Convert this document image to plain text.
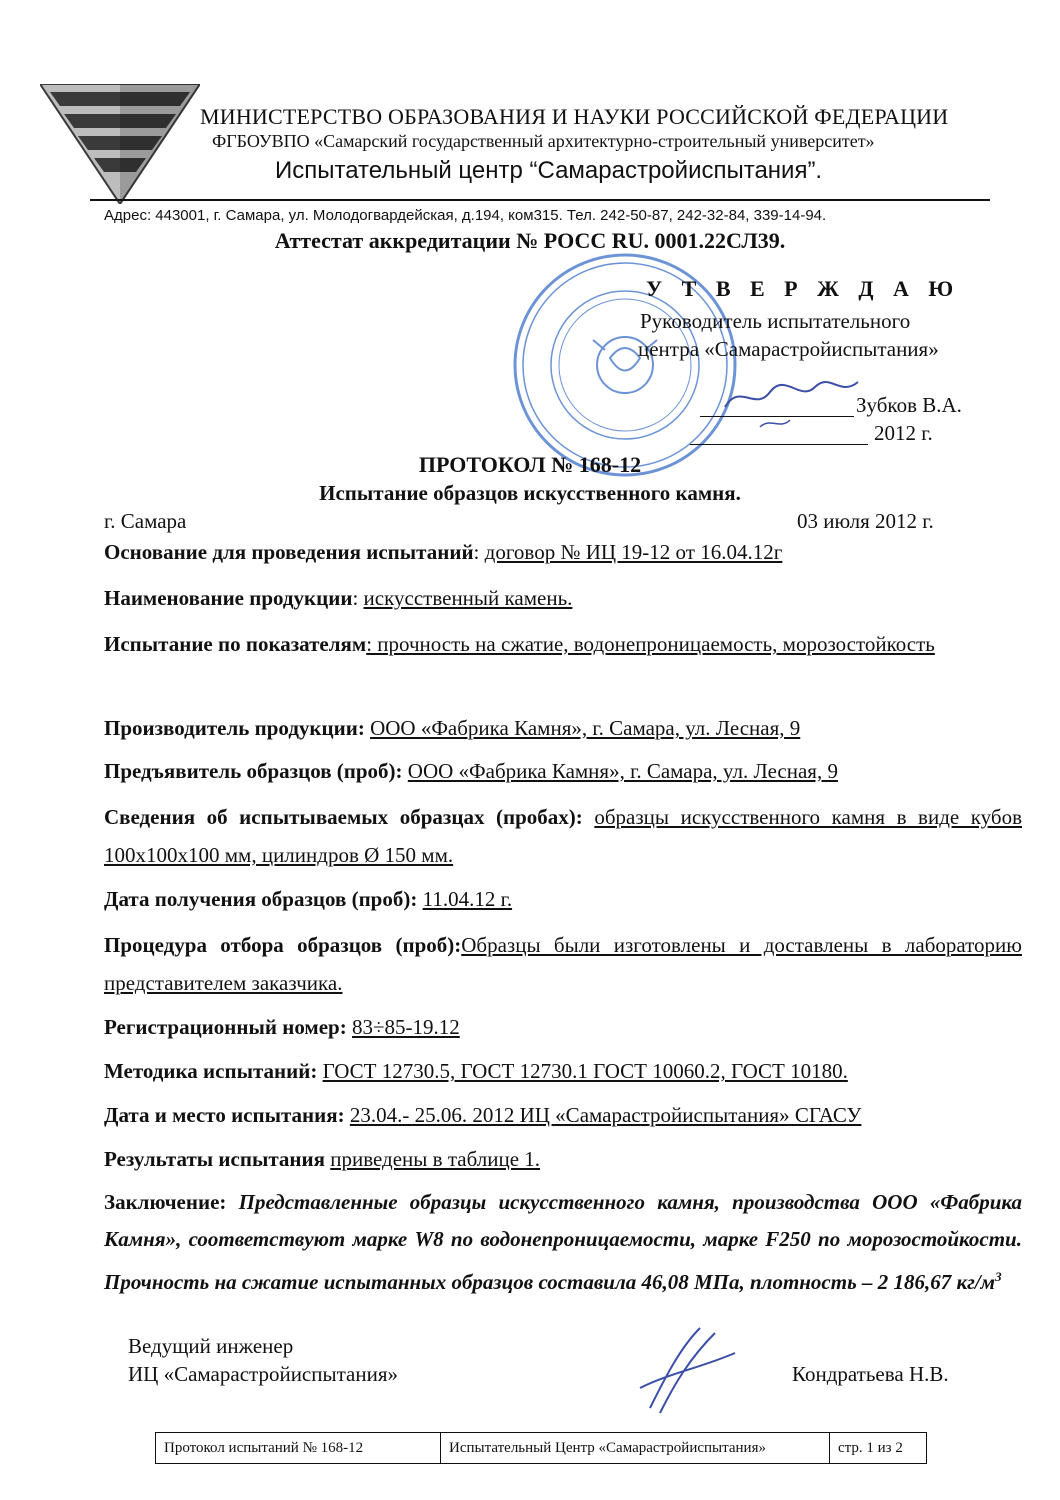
МИНИСТЕРСТВО ОБРАЗОВАНИЯ И НАУКИ РОССИЙСКОЙ ФЕДЕРАЦИИ
ФГБОУВПО «Самарский государственный архитектурно-строительный университет»
Испытательный центр “Самарастройиспытания”.
Адрес: 443001, г. Самара, ул. Молодогвардейская, д.194, ком315. Тел. 242-50-87, 242-32-84, 339-14-94.
Аттестат аккредитации № РОСС RU. 0001.22СЛ39.
У Т В Е Р Ж Д А Ю
Руководитель испытательного
центра «Самарастройиспытания»
Зубков В.А.
2012 г.
ПРОТОКОЛ № 168-12
Испытание образцов искусственного камня.
г. Самара	03 июля 2012 г.
Основание для проведения испытаний: договор № ИЦ 19-12 от 16.04.12г
Наименование продукции: искусственный камень.
Испытание по показателям: прочность на сжатие, водонепроницаемость, морозостойкость
Производитель продукции: ООО «Фабрика Камня», г. Самара, ул. Лесная, 9
Предъявитель образцов (проб): ООО «Фабрика Камня», г. Самара, ул. Лесная, 9
Сведения об испытываемых образцах (пробах): образцы искусственного камня в виде кубов 100х100х100 мм, цилиндров Ø 150 мм.
Дата получения образцов (проб): 11.04.12 г.
Процедура отбора образцов (проб):Образцы были изготовлены и доставлены в лабораторию представителем заказчика.
Регистрационный номер: 83÷85-19.12
Методика испытаний: ГОСТ 12730.5, ГОСТ 12730.1 ГОСТ 10060.2, ГОСТ 10180.
Дата и место испытания: 23.04.- 25.06. 2012 ИЦ «Самарастройиспытания» СГАСУ
Результаты испытания приведены в таблице 1.
Заключение: Представленные образцы искусственного камня, производства ООО «Фабрика Камня», соответствуют марке W8 по водонепроницаемости, марке F250 по морозостойкости. Прочность на сжатие испытанных образцов составила 46,08 МПа, плотность – 2 186,67 $кг/м^3$
Ведущий инженер
ИЦ «Самарастройиспытания»	Кондратьева Н.В.
Протокол испытаний № 168-12	Испытательный Центр «Самарастройиспытания»	стр. 1 из 2
